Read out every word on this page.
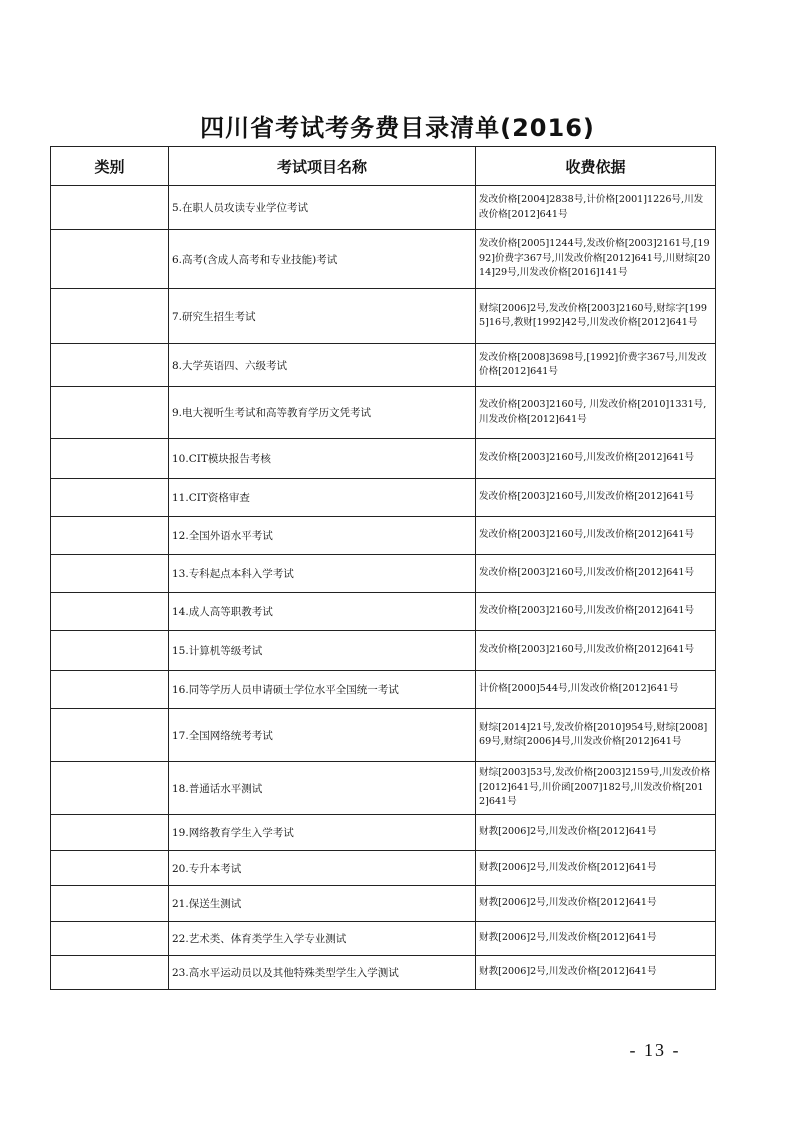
四川省考试考务费目录清单(2016)
类别	考试项目名称	收费依据
	5.在职人员攻读专业学位考试	发改价格[2004]2838号,计价格[2001]1226号,川发改价格[2012]641号
	6.高考(含成人高考和专业技能)考试	发改价格[2005]1244号,发改价格[2003]2161号,[1992]价费字367号,川发改价格[2012]641号,川财综[2014]29号,川发改价格[2016]141号
	7.研究生招生考试	财综[2006]2号,发改价格[2003]2160号,财综字[1995]16号,教财[1992]42号,川发改价格[2012]641号
	8.大学英语四、六级考试	发改价格[2008]3698号,[1992]价费字367号,川发改价格[2012]641号
	9.电大视听生考试和高等教育学历文凭考试	发改价格[2003]2160号, 川发改价格[2010]1331号,川发改价格[2012]641号
	10.CIT模块报告考核	发改价格[2003]2160号,川发改价格[2012]641号
	11.CIT资格审查	发改价格[2003]2160号,川发改价格[2012]641号
	12.全国外语水平考试	发改价格[2003]2160号,川发改价格[2012]641号
	13.专科起点本科入学考试	发改价格[2003]2160号,川发改价格[2012]641号
	14.成人高等职教考试	发改价格[2003]2160号,川发改价格[2012]641号
	15.计算机等级考试	发改价格[2003]2160号,川发改价格[2012]641号
	16.同等学历人员申请硕士学位水平全国统一考试	计价格[2000]544号,川发改价格[2012]641号
	17.全国网络统考考试	财综[2014]21号,发改价格[2010]954号,财综[2008]69号,财综[2006]4号,川发改价格[2012]641号
	18.普通话水平测试	财综[2003]53号,发改价格[2003]2159号,川发改价格[2012]641号,川价函[2007]182号,川发改价格[2012]641号
	19.网络教育学生入学考试	财教[2006]2号,川发改价格[2012]641号
	20.专升本考试	财教[2006]2号,川发改价格[2012]641号
	21.保送生测试	财教[2006]2号,川发改价格[2012]641号
	22.艺术类、体育类学生入学专业测试	财教[2006]2号,川发改价格[2012]641号
	23.高水平运动员以及其他特殊类型学生入学测试	财教[2006]2号,川发改价格[2012]641号
- 13 -
